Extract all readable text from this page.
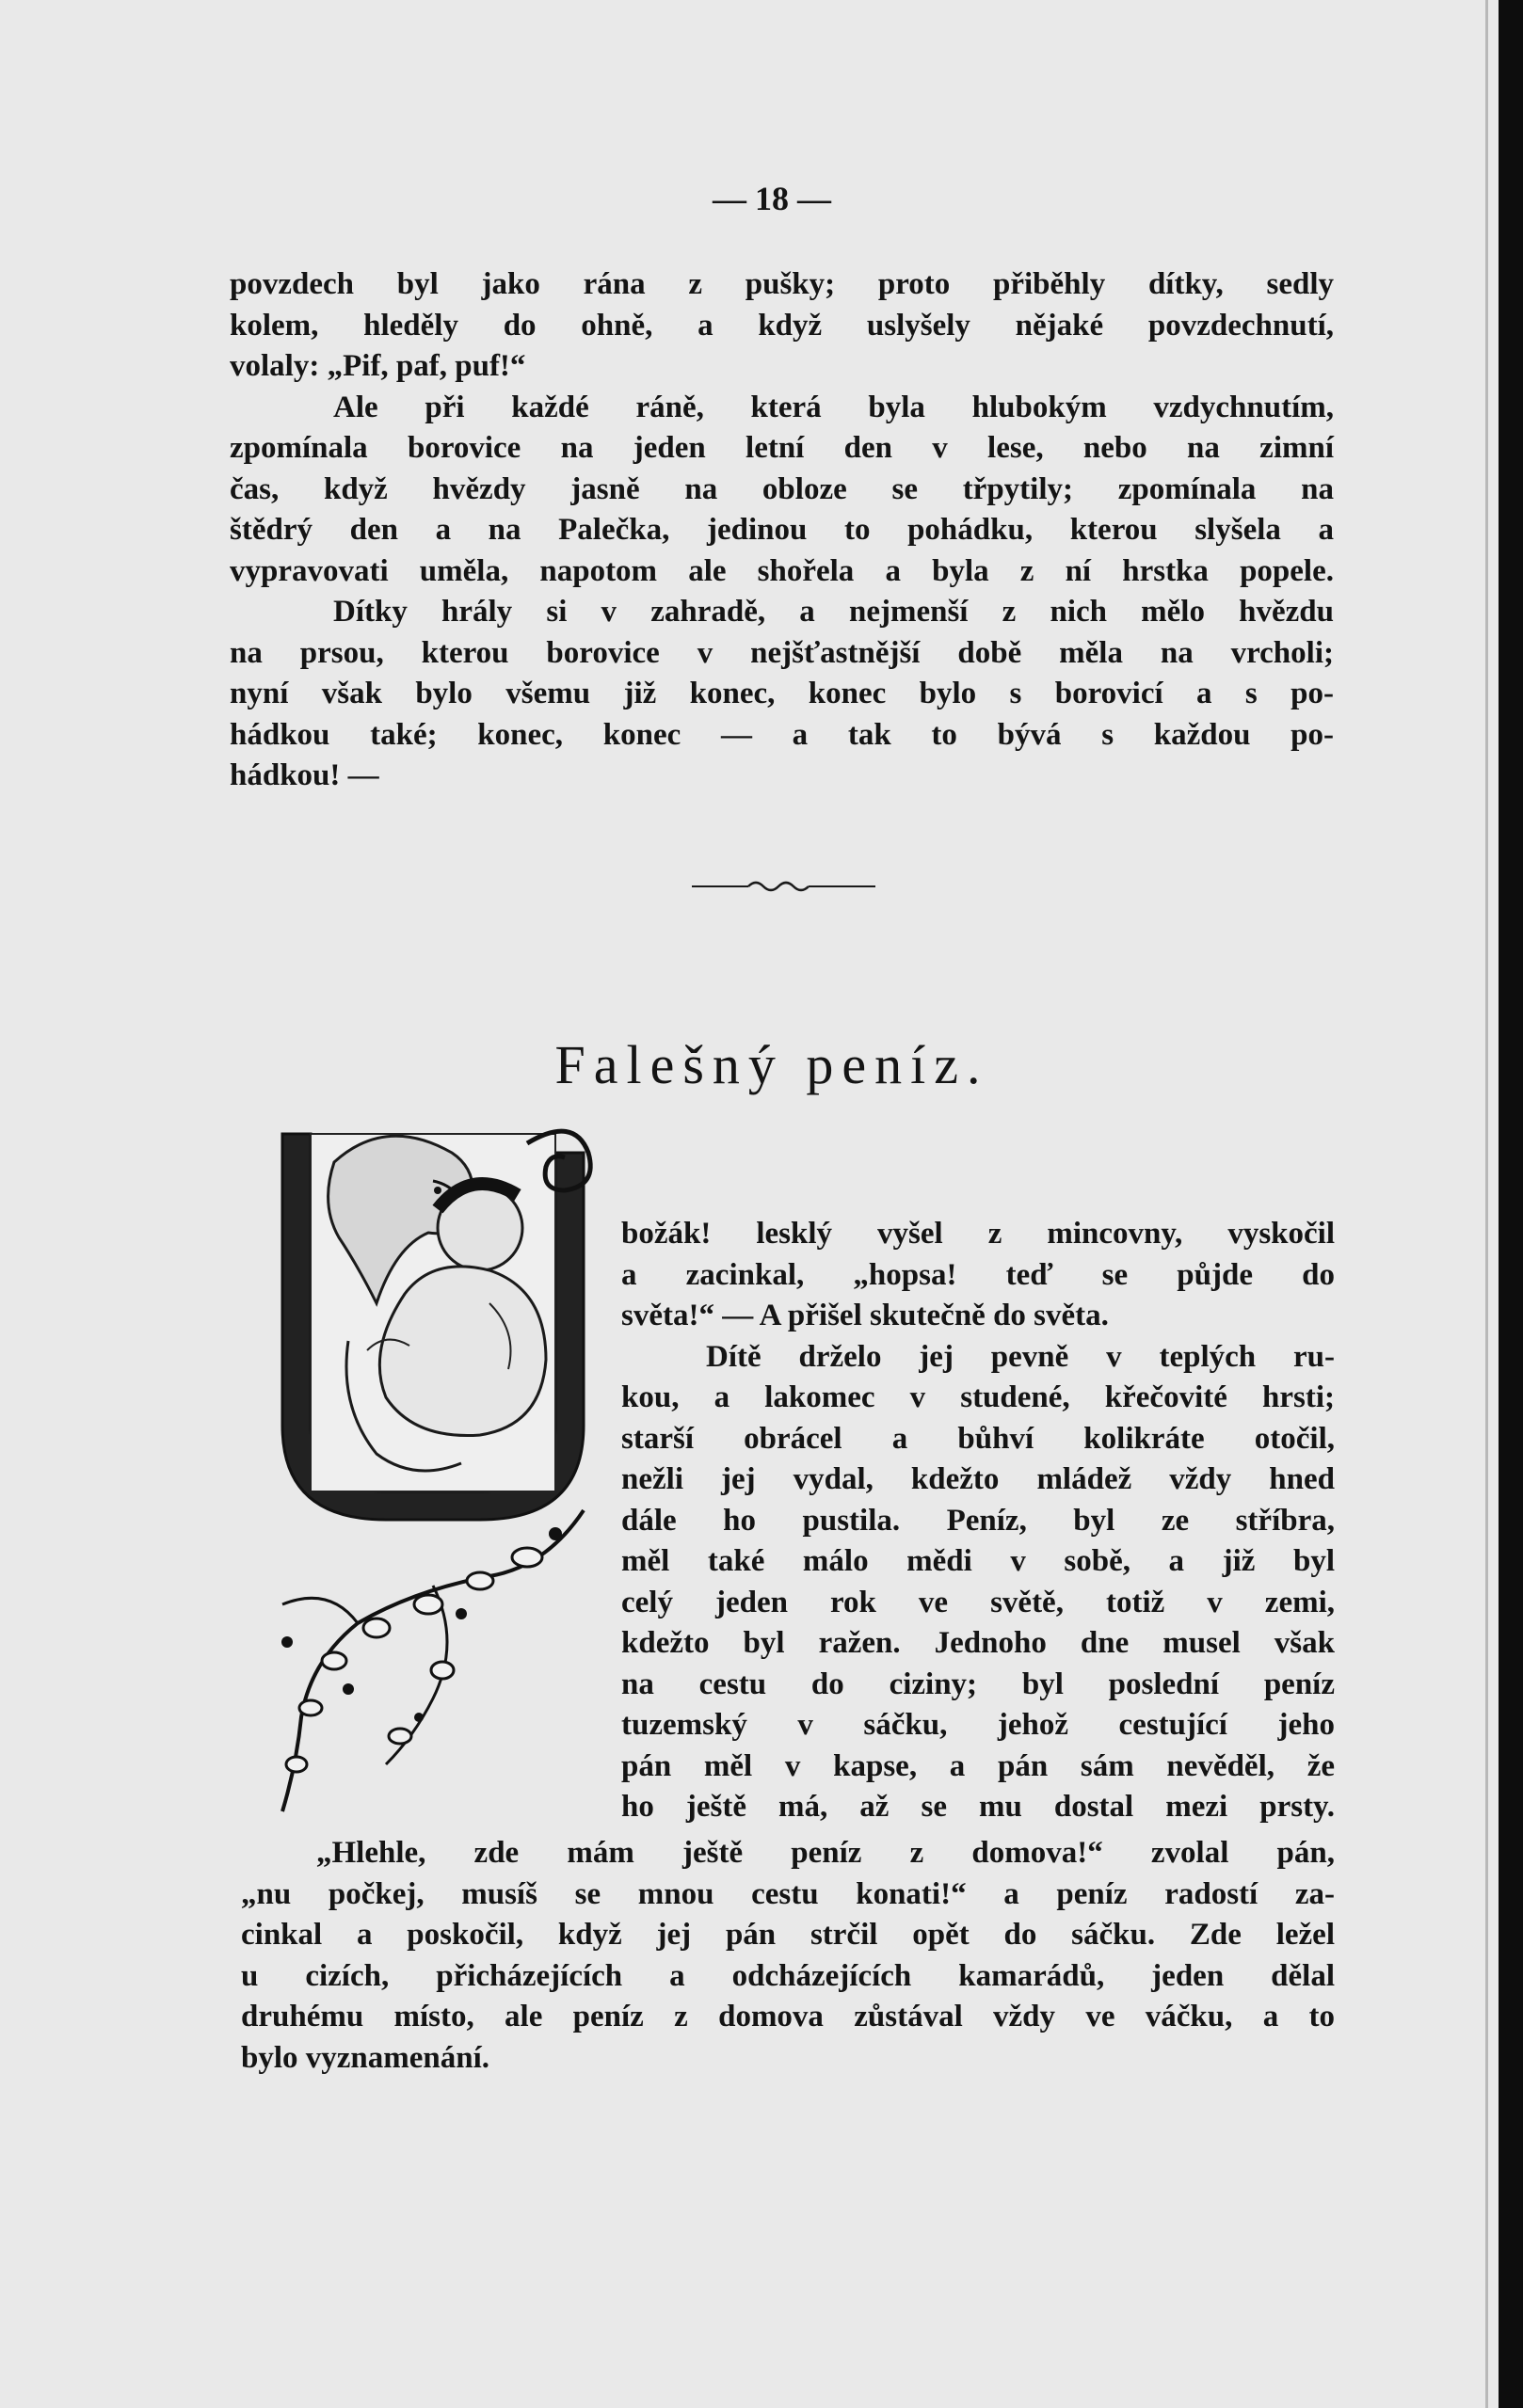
— 18 —
povzdech byl jako rána z pušky; proto přiběhly dítky, sedly
kolem, hleděly do ohně, a když uslyšely nějaké povzdechnutí,
volaly: „Pif, paf, puf!“
Ale při každé ráně, která byla hlubokým vzdychnutím,
zpomínala borovice na jeden letní den v lese, nebo na zimní
čas, když hvězdy jasně na obloze se třpytily; zpomínala na
štědrý den a na Palečka, jedinou to pohádku, kterou slyšela a
vypravovati uměla, napotom ale shořela a byla z ní hrstka popele.
Dítky hrály si v zahradě, a nejmenší z nich mělo hvězdu
na prsou, kterou borovice v nejšťastnější době měla na vrcholi;
nyní však bylo všemu již konec, konec bylo s borovicí a s po-
hádkou také; konec, konec — a tak to bývá s každou po-
hádkou! —
Falešný peníz.
božák! lesklý vyšel z mincovny, vyskočil
a zacinkal, „hopsa! teď se půjde do
světa!“ — A přišel skutečně do světa.
Dítě drželo jej pevně v teplých ru-
kou, a lakomec v studené, křečovité hrsti;
starší obrácel a bůhví kolikráte otočil,
nežli jej vydal, kdežto mládež vždy hned
dále ho pustila. Peníz, byl ze stříbra,
měl také málo mědi v sobě, a již byl
celý jeden rok ve světě, totiž v zemi,
kdežto byl ražen. Jednoho dne musel však
na cestu do ciziny; byl poslední peníz
tuzemský v sáčku, jehož cestující jeho
pán měl v kapse, a pán sám nevěděl, že
ho ještě má, až se mu dostal mezi prsty.
„Hlehle, zde mám ještě peníz z domova!“ zvolal pán,
„nu počkej, musíš se mnou cestu konati!“ a peníz radostí za-
cinkal a poskočil, když jej pán strčil opět do sáčku. Zde ležel
u cizích, přicházejících a odcházejících kamarádů, jeden dělal
druhému místo, ale peníz z domova zůstával vždy ve váčku, a to
bylo vyznamenání.
